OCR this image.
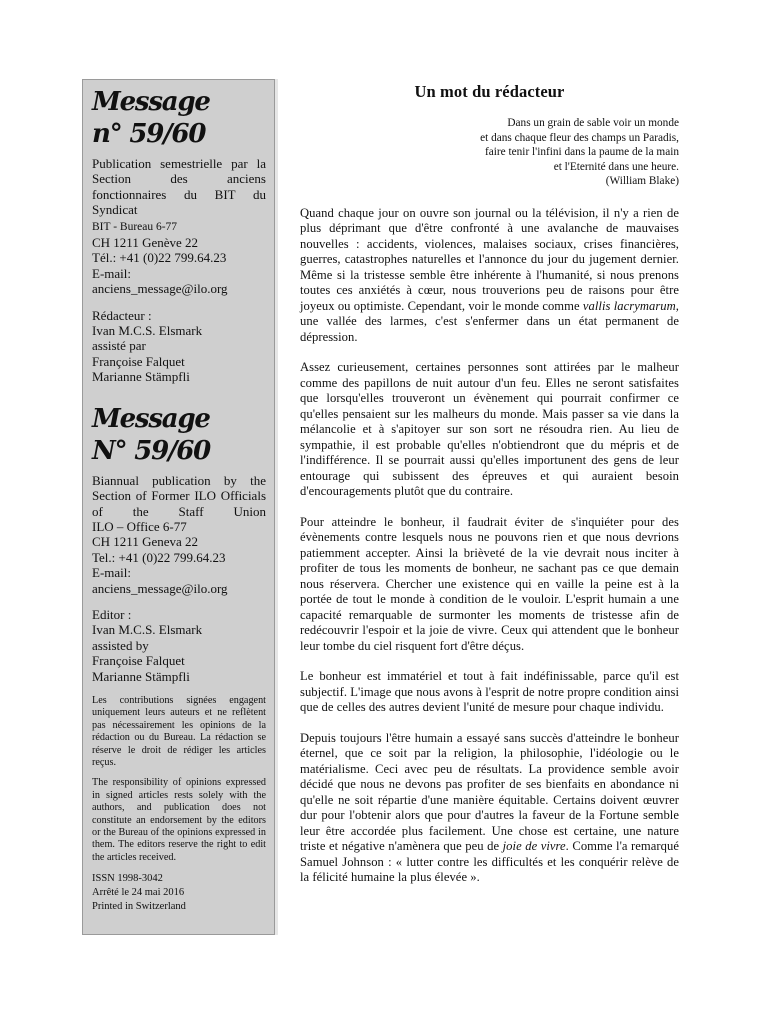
Message

n° 59/60

Publication semestrielle par la Section des anciens fonctionnaires du BIT du Syndicat

BIT - Bureau 6-77

CH 1211 Genève 22

Tél.: +41 (0)22 799.64.23

E-mail:

anciens_message@ilo.org

Rédacteur :

Ivan M.C.S. Elsmark

assisté par

Françoise Falquet

Marianne Stämpfli

Message

N° 59/60

Biannual publication by the Section of Former ILO Officials of the Staff Union

ILO – Office 6-77

CH 1211 Geneva 22

Tel.: +41 (0)22 799.64.23

E-mail:

anciens_message@ilo.org

Editor :

Ivan M.C.S. Elsmark

assisted by

Françoise Falquet

Marianne Stämpfli

Les contributions signées engagent uniquement leurs auteurs et ne reflètent pas nécessairement les opinions de la rédaction ou du Bureau. La rédaction se réserve le droit de rédiger les articles reçus.

The responsibility of opinions expressed in signed articles rests solely with the authors, and publication does not constitute an endorsement by the editors or the Bureau of the opinions expressed in them. The editors reserve the right to edit the articles received.

ISSN 1998-3042

Arrêté le 24 mai 2016

Printed in Switzerland

Un mot du rédacteur

Dans un grain de sable voir un monde
et dans chaque fleur des champs un Paradis,
faire tenir l'infini dans la paume de la main
et l'Eternité dans une heure.
(William Blake)

Quand chaque jour on ouvre son journal ou la télévision, il n'y a rien de plus déprimant que d'être confronté à une avalanche de mauvaises nouvelles : accidents, violences, malaises sociaux, crises financières, guerres, catastrophes naturelles et l'annonce du jour du jugement dernier. Même si la tristesse semble être inhérente à l'humanité, si nous prenons toutes ces anxiétés à cœur, nous trouverions peu de raisons pour être joyeux ou optimiste. Cependant, voir le monde comme vallis lacrymarum, une vallée des larmes, c'est s'enfermer dans un état permanent de dépression.

Assez curieusement, certaines personnes sont attirées par le malheur comme des papillons de nuit autour d'un feu. Elles ne seront satisfaites que lorsqu'elles trouveront un évènement qui pourrait confirmer ce qu'elles pensaient sur les malheurs du monde. Mais passer sa vie dans la mélancolie et à s'apitoyer sur son sort ne résoudra rien. Au lieu de sympathie, il est probable qu'elles n'obtiendront que du mépris et de l'indifférence. Il se pourrait aussi qu'elles importunent des gens de leur entourage qui subissent des épreuves et qui auraient besoin d'encouragements plutôt que du contraire.

Pour atteindre le bonheur, il faudrait éviter de s'inquiéter pour des évènements contre lesquels nous ne pouvons rien et que nous devrions patiemment accepter. Ainsi la brièveté de la vie devrait nous inciter à profiter de tous les moments de bonheur, ne sachant pas ce que demain nous réservera. Chercher une existence qui en vaille la peine est à la portée de tout le monde à condition de le vouloir. L'esprit humain a une capacité remarquable de surmonter les moments de tristesse afin de redécouvrir l'espoir et la joie de vivre. Ceux qui attendent que le bonheur leur tombe du ciel risquent fort d'être déçus.

Le bonheur est immatériel et tout à fait indéfinissable, parce qu'il est subjectif. L'image que nous avons à l'esprit de notre propre condition ainsi que de celles des autres devient l'unité de mesure pour chaque individu.

Depuis toujours l'être humain a essayé sans succès d'atteindre le bonheur éternel, que ce soit par la religion, la philosophie, l'idéologie ou le matérialisme. Ceci avec peu de résultats. La providence semble avoir décidé que nous ne devons pas profiter de ses bienfaits en abondance ni qu'elle ne soit répartie d'une manière équitable. Certains doivent œuvrer dur pour l'obtenir alors que pour d'autres la faveur de la Fortune semble leur être accordée plus facilement. Une chose est certaine, une nature triste et négative n'amènera que peu de joie de vivre. Comme l'a remarqué Samuel Johnson : « lutter contre les difficultés et les conquérir relève de la félicité humaine la plus élevée ».
